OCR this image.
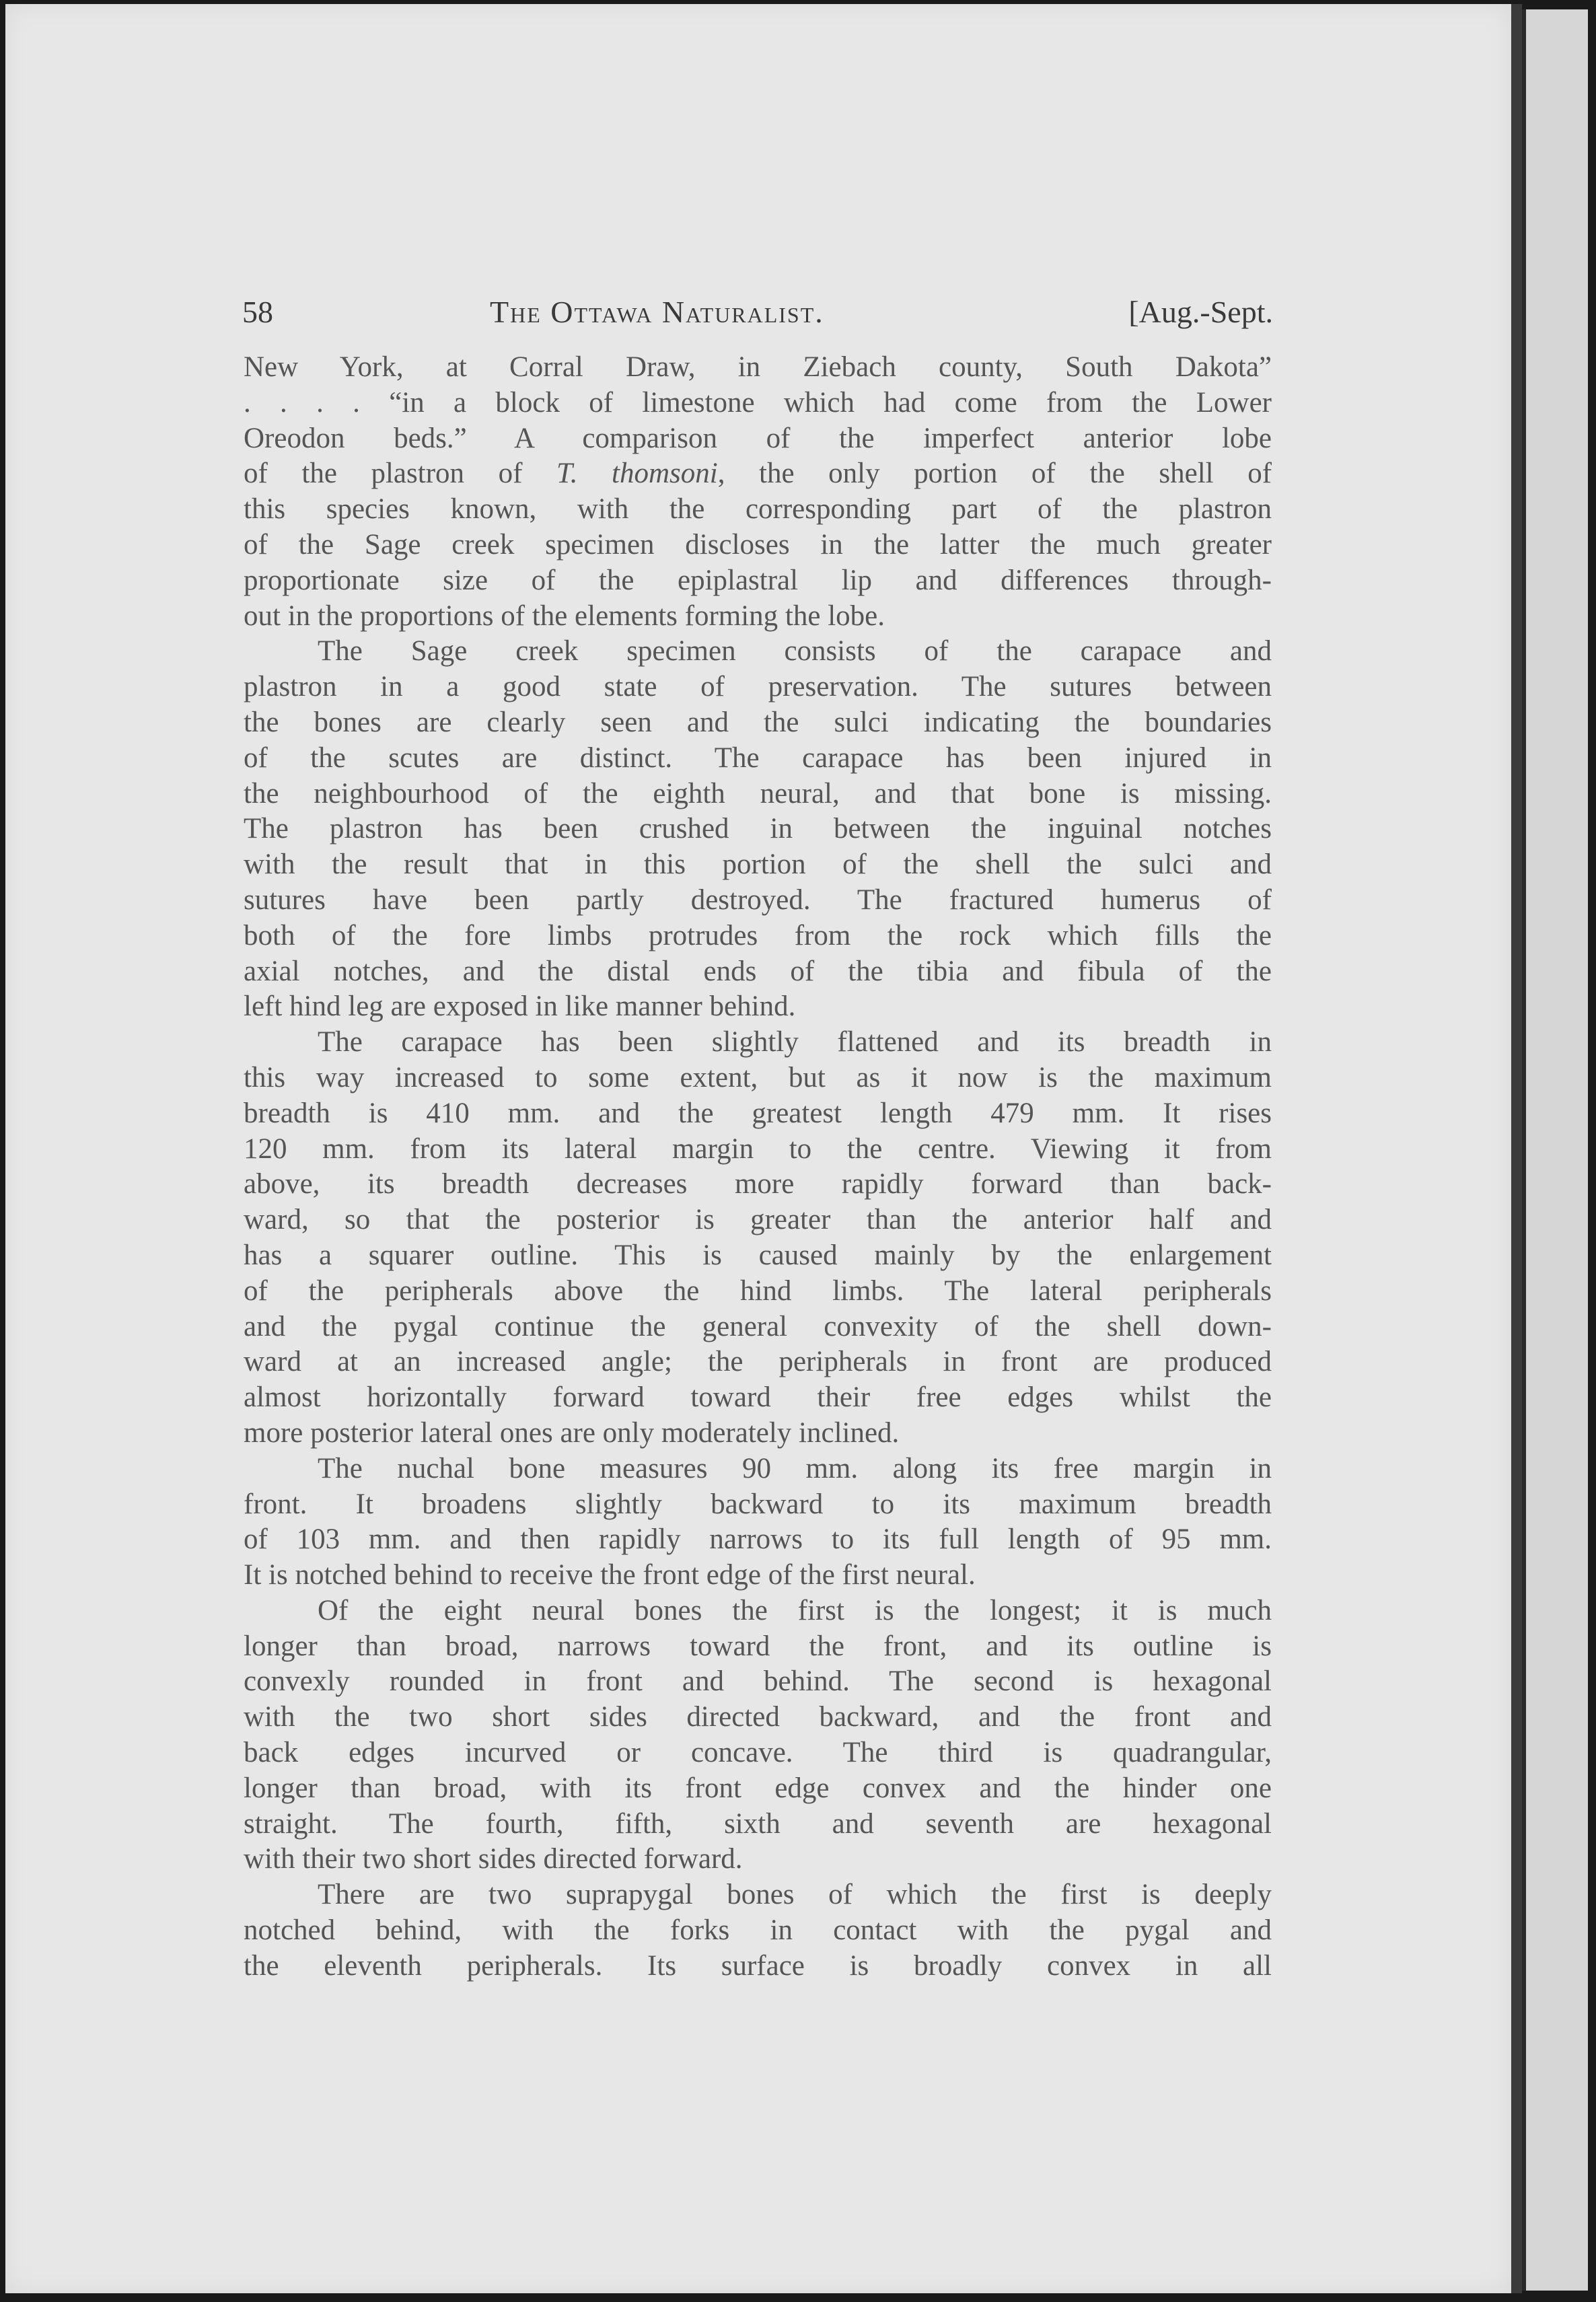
58	The Ottawa Naturalist.	[Aug.-Sept.
New York, at Corral Draw, in Ziebach county, South Dakota”
. . . . “in a block of limestone which had come from the Lower
Oreodon beds.” A comparison of the imperfect anterior lobe
of the plastron of T. thomsoni, the only portion of the shell of
this species known, with the corresponding part of the plastron
of the Sage creek specimen discloses in the latter the much greater
proportionate size of the epiplastral lip and differences through-
out in the proportions of the elements forming the lobe.
The Sage creek specimen consists of the carapace and
plastron in a good state of preservation. The sutures between
the bones are clearly seen and the sulci indicating the boundaries
of the scutes are distinct. The carapace has been injured in
the neighbourhood of the eighth neural, and that bone is missing.
The plastron has been crushed in between the inguinal notches
with the result that in this portion of the shell the sulci and
sutures have been partly destroyed. The fractured humerus of
both of the fore limbs protrudes from the rock which fills the
axial notches, and the distal ends of the tibia and fibula of the
left hind leg are exposed in like manner behind.
The carapace has been slightly flattened and its breadth in
this way increased to some extent, but as it now is the maximum
breadth is 410 mm. and the greatest length 479 mm. It rises
120 mm. from its lateral margin to the centre. Viewing it from
above, its breadth decreases more rapidly forward than back-
ward, so that the posterior is greater than the anterior half and
has a squarer outline. This is caused mainly by the enlargement
of the peripherals above the hind limbs. The lateral peripherals
and the pygal continue the general convexity of the shell down-
ward at an increased angle; the peripherals in front are produced
almost horizontally forward toward their free edges whilst the
more posterior lateral ones are only moderately inclined.
The nuchal bone measures 90 mm. along its free margin in
front. It broadens slightly backward to its maximum breadth
of 103 mm. and then rapidly narrows to its full length of 95 mm.
It is notched behind to receive the front edge of the first neural.
Of the eight neural bones the first is the longest; it is much
longer than broad, narrows toward the front, and its outline is
convexly rounded in front and behind. The second is hexagonal
with the two short sides directed backward, and the front and
back edges incurved or concave. The third is quadrangular,
longer than broad, with its front edge convex and the hinder one
straight. The fourth, fifth, sixth and seventh are hexagonal
with their two short sides directed forward.
There are two suprapygal bones of which the first is deeply
notched behind, with the forks in contact with the pygal and
the eleventh peripherals. Its surface is broadly convex in all
